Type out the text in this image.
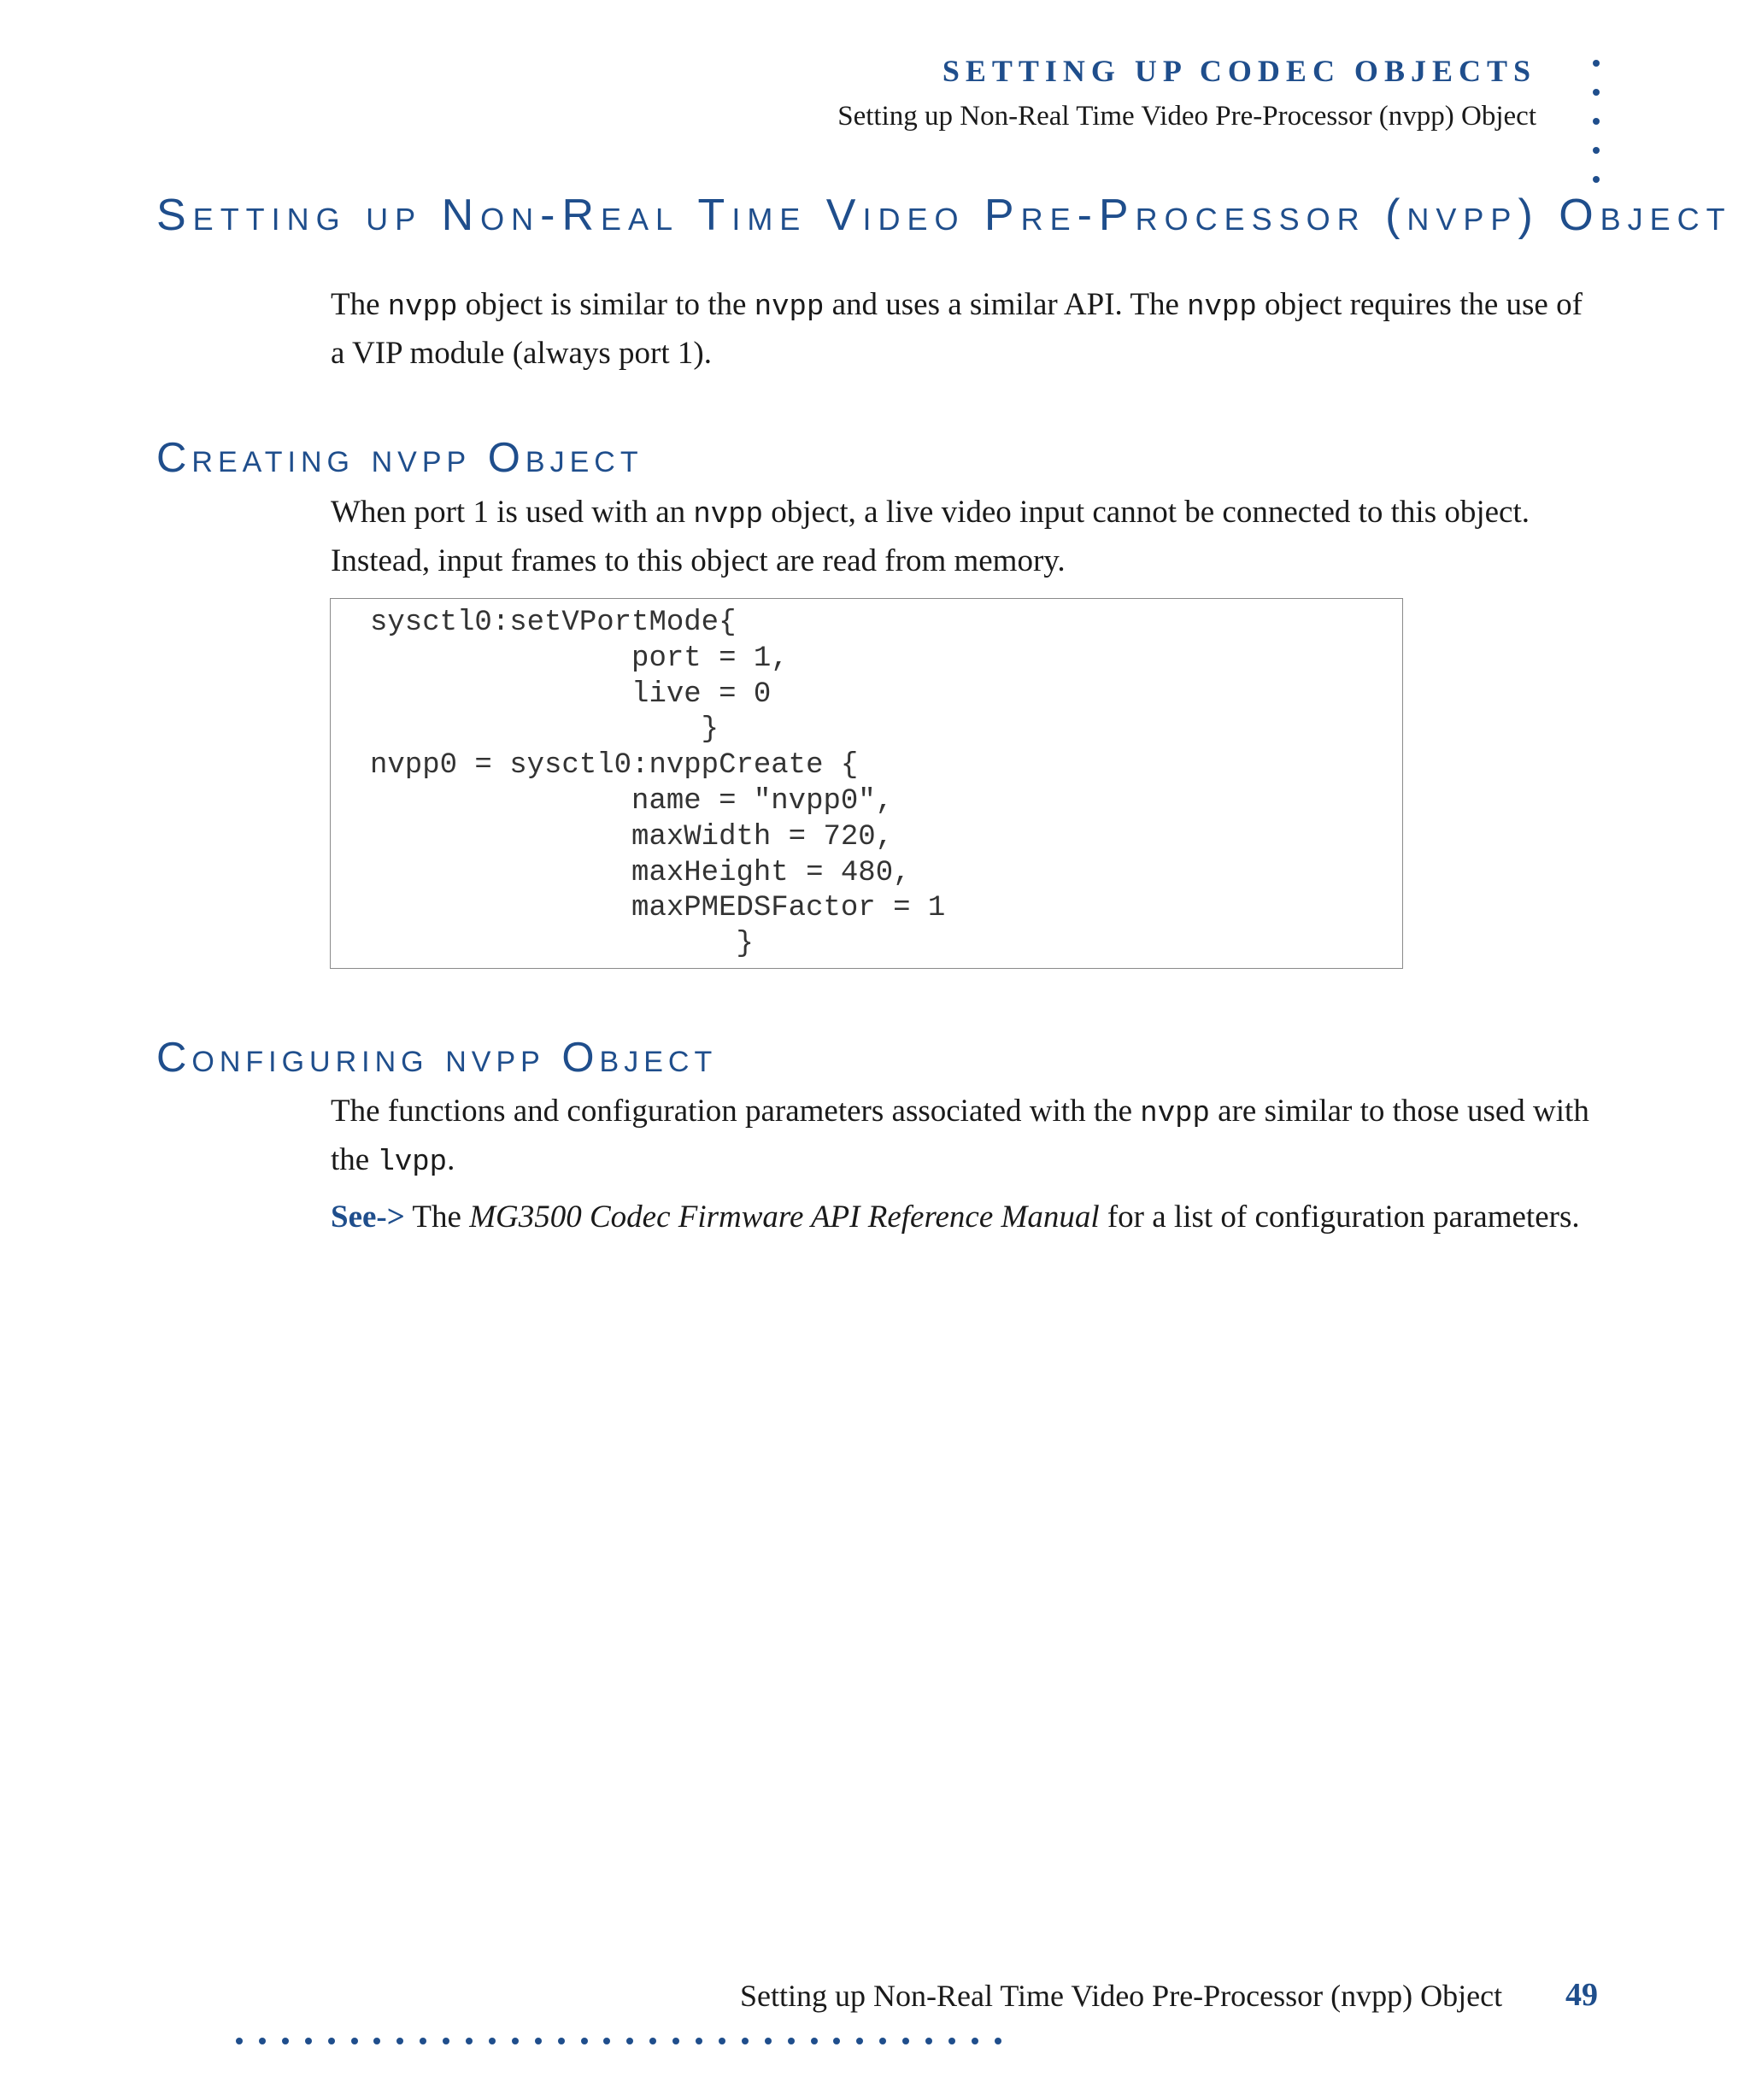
SETTING UP CODEC OBJECTS
Setting up Non-Real Time Video Pre-Processor (nvpp) Object
Setting up Non-Real Time Video Pre-Processor (nvpp) Object

The nvpp object is similar to the nvpp and uses a similar API. The nvpp object requires the use of a VIP module (always port 1).

Creating nvpp Object

When port 1 is used with an nvpp object, a live video input cannot be connected to this object. Instead, input frames to this object are read from memory.

sysctl0:setVPortMode{
port = 1,
live = 0
}
nvpp0 = sysctl0:nvppCreate {
name = "nvpp0",
maxWidth = 720,
maxHeight = 480,
maxPMEDSFactor = 1
}
Configuring nvpp Object

The functions and configuration parameters associated with the nvpp are similar to those used with the lvpp.

See-> The MG3500 Codec Firmware API Reference Manual for a list of configuration parameters.

Setting up Non-Real Time Video Pre-Processor (nvpp) Object 49
